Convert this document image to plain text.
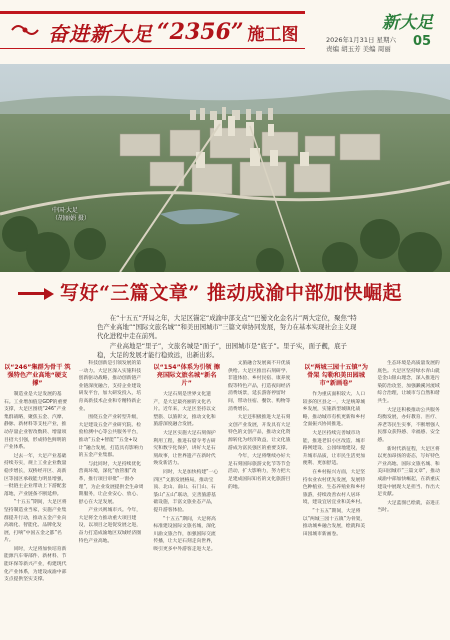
奋进新大足 “2356” 施工图
新大足
2026年1月31日 星期六
责编 胡玉芳 美编 周丽	05
中国·大足
（胡丽娟 摄）
写好“三篇文章” 推动成渝中部加快崛起

在“十五五”开局之年，大足区锚定“成渝中部支点”“巴蜀文化金名片”两大定位，聚焦“特色产业高地”“国际文旅名城”“和美田园城市”三篇文章协同发展，努力在基本实现社会主义现代化进程中走在前列。

产业高地是“里子”，文旅名城是“面子”，田园城市是“底子”。里子实，面子靓，底子稳，大足的发展才能行稳致远，出新出彩。

以“246”集群为骨干 筑强特色产业高地“硬支撑”

制造业是大足发展的基石。工业增加值是GDP的重要支撑，大足区围绕“246”产业集群战略，聚焦五金、汽摩、静脉、新材料等支柱产业，推动存量企业智改数转、增量项目招大引强，形成特色鲜明的产业体系。

过去一年，大足产业基础持续夯实，规上工业企业数量稳步增长，双桥经开区、高新区等园区承载能力明显增强，一批链主企业带动上下游配套落地，产业链条不断延伸。

“十五五”期间，大足区将坚持制造业当家，实施产业集群提升行动，推动五金产业向高端化、智能化、品牌化发展，打响“中国五金之都”名片。

同时，大足将加快培育新能源汽车零部件、新材料、节能环保等新兴产业，构建现代化产业体系，为建设成渝中部支点提供坚实支撑。

科技创新是引领发展的第一动力。大足区深入实施科技创新驱动战略，推动创新链产业链深度融合，支持企业建设研发平台，加大研发投入，培育高新技术企业和专精特新企业。

围绕五金产业转型升级，大足建设五金产业研究院、检验检测中心等公共服务平台，推动“五金+智能”“五金+设计”融合发展，打造具有影响力的五金产业集群。

与此同时，大足持续优化营商环境，深化“放管服”改革，推行项目审批“一窗办理”，为企业发展提供全生命周期服务，让企业安心、放心、舒心在大足发展。

产业兴则城市兴。今年，大足将全力推动重大项目建设，以项目之进促发展之进，奋力打造成渝地区双城经济圈特色产业高地。

以“154”体系为引领 擦亮国际文旅名城“新名片”

大足石刻是世界文化遗产，是大足最亮丽的文化名片。近年来，大足区坚持以文塑旅、以旅彰文，推动文化和旅游深度融合发展。

大足区实施大足石刻保护利用工程，推进石窟寺考古研究和数字化保护，讲好大足石刻故事，让世界遗产在新时代焕发新活力。

同时，大足加快构建“一心四区”文旅发展格局，推动宝顶、北山、南山、石门山、石篆山“五山”联动，完善旅游基础设施，丰富文旅业态产品，提升游客体验。

“十五五”期间，大足将高标准建设国际文旅名城，深化川渝文旅合作，加强国际交流传播，让大足石刻走向世界，吸引更多中外游客走进大足。

文旅融合发展离不开优质供给。大足区推出石刻研学、非遗体验、乡村民宿、康养度假等特色产品，打造夜间经济消费场景，延长游客停留时间，带动住宿、餐饮、购物等消费增长。

大足还积极推进大足石刻文创产业发展，开发具有大足特色的文创产品，推动文化资源转化为经济效益，让文化旅游成为富民强区的重要支撑。

今年，大足将继续办好大足石刻国际旅游文化节等节会活动，扩大影响力，努力把大足建成国际知名的文化旅游目的地。

以“两城三园十五镇”为骨架 勾勒和美田园城市“新画卷”

作为重庆面积较大、人口较多的区县之一，大足统筹城乡发展，实施新型城镇化战略，推动城市有机更新和乡村全面振兴协同推进。

大足区持续完善城市功能，推进老旧小区改造、城市路网建设、公园绿地建设，提升城市品质，让市民生活更加便利、更加舒适。

在乡村振兴方面，大足坚持农业农村优先发展，发展特色种植业、生态养殖业和乡村旅游，持续改善农村人居环境，建设宜居宜业和美乡村。

“十五五”期间，大足将以“两城三园十五镇”为骨架，推动城乡融合发展，绘就和美田园城市新画卷。

生态环境是高质量发展的底色。大足区坚持绿水青山就是金山银山理念，深入推进污染防治攻坚，加强濑溪河流域综合治理，让城市与自然和谐共生。

大足还积极推动公共服务均衡发展，办好教育、医疗、养老等民生实事，不断增强人民群众获得感、幸福感、安全感。

新时代新征程，大足区将以更加昂扬的姿态，写好特色产业高地、国际文旅名城、和美田园城市“三篇文章”，推动成渝中部加快崛起，在新重庆建设中展现大足担当、作出大足贡献。

大足蓝图已绘就，奋进正当时。
